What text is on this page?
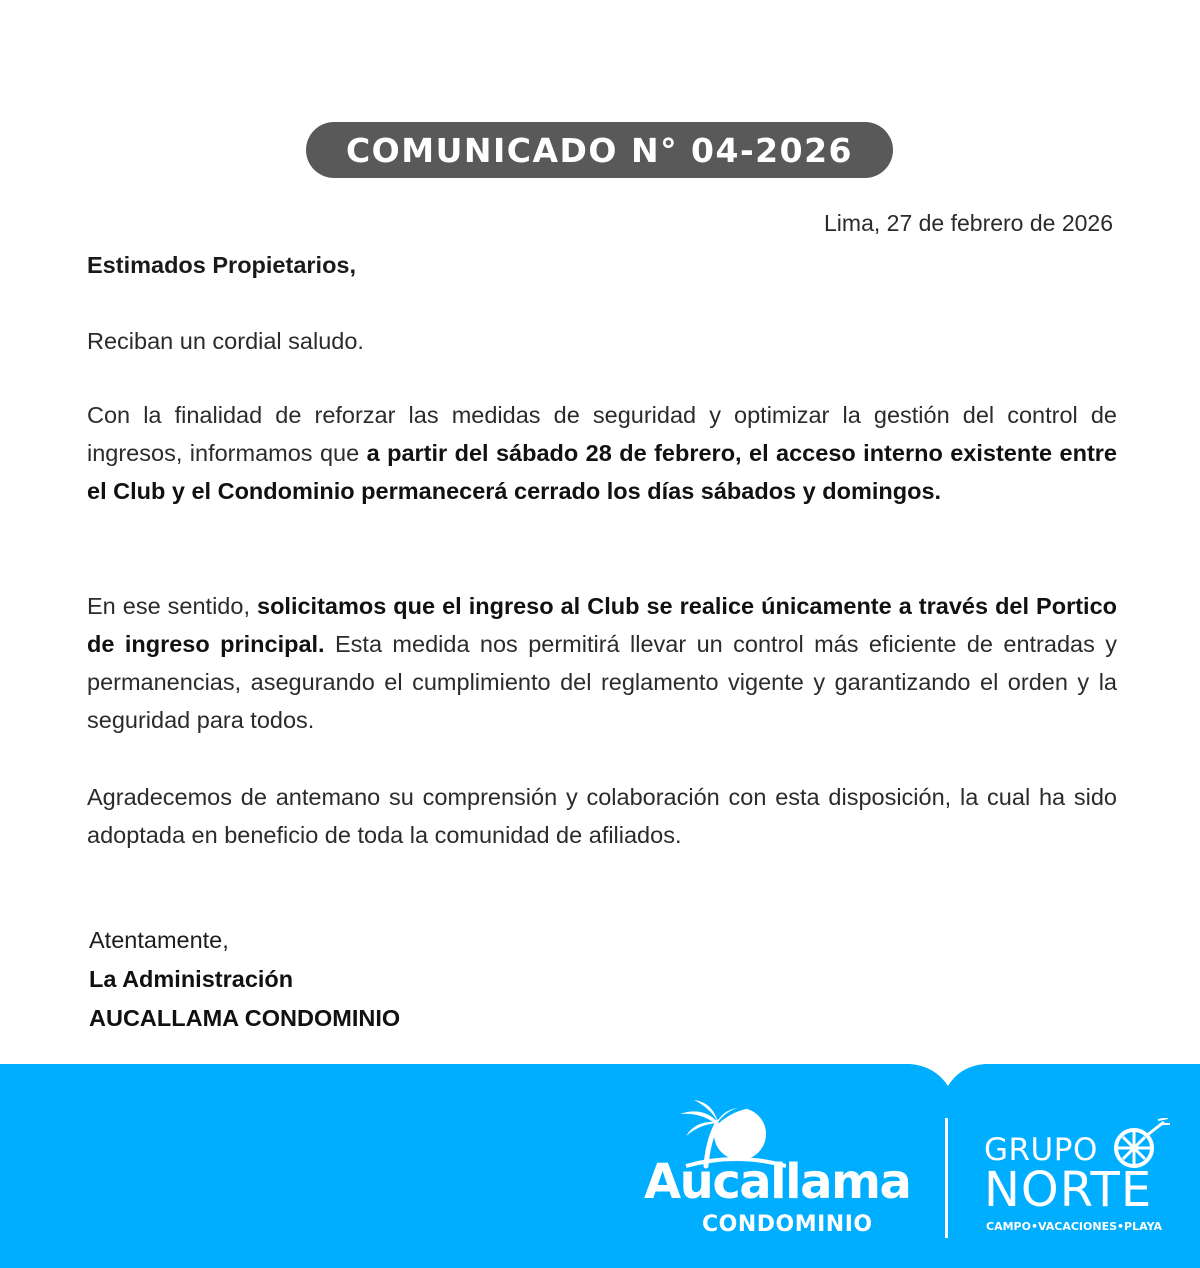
COMUNICADO N° 04-2026
Lima, 27 de febrero de 2026
Estimados Propietarios,
Reciban un cordial saludo.
Con la finalidad de reforzar las medidas de seguridad y optimizar la gestión del control de ingresos, informamos que a partir del sábado 28 de febrero, el acceso interno existente entre el Club y el Condominio permanecerá cerrado los días sábados y domingos.
En ese sentido, solicitamos que el ingreso al Club se realice únicamente a través del Portico de ingreso principal. Esta medida nos permitirá llevar un control más eficiente de entradas y permanencias, asegurando el cumplimiento del reglamento vigente y garantizando el orden y la seguridad para todos.
Agradecemos de antemano su comprensión y colaboración con esta disposición, la cual ha sido adoptada en beneficio de toda la comunidad de afiliados.
Atentamente,
La Administración
AUCALLAMA CONDOMINIO
Aucallama
CONDOMINIO
GRUPO
NORTE
CAMPO•VACACIONES•PLAYA
